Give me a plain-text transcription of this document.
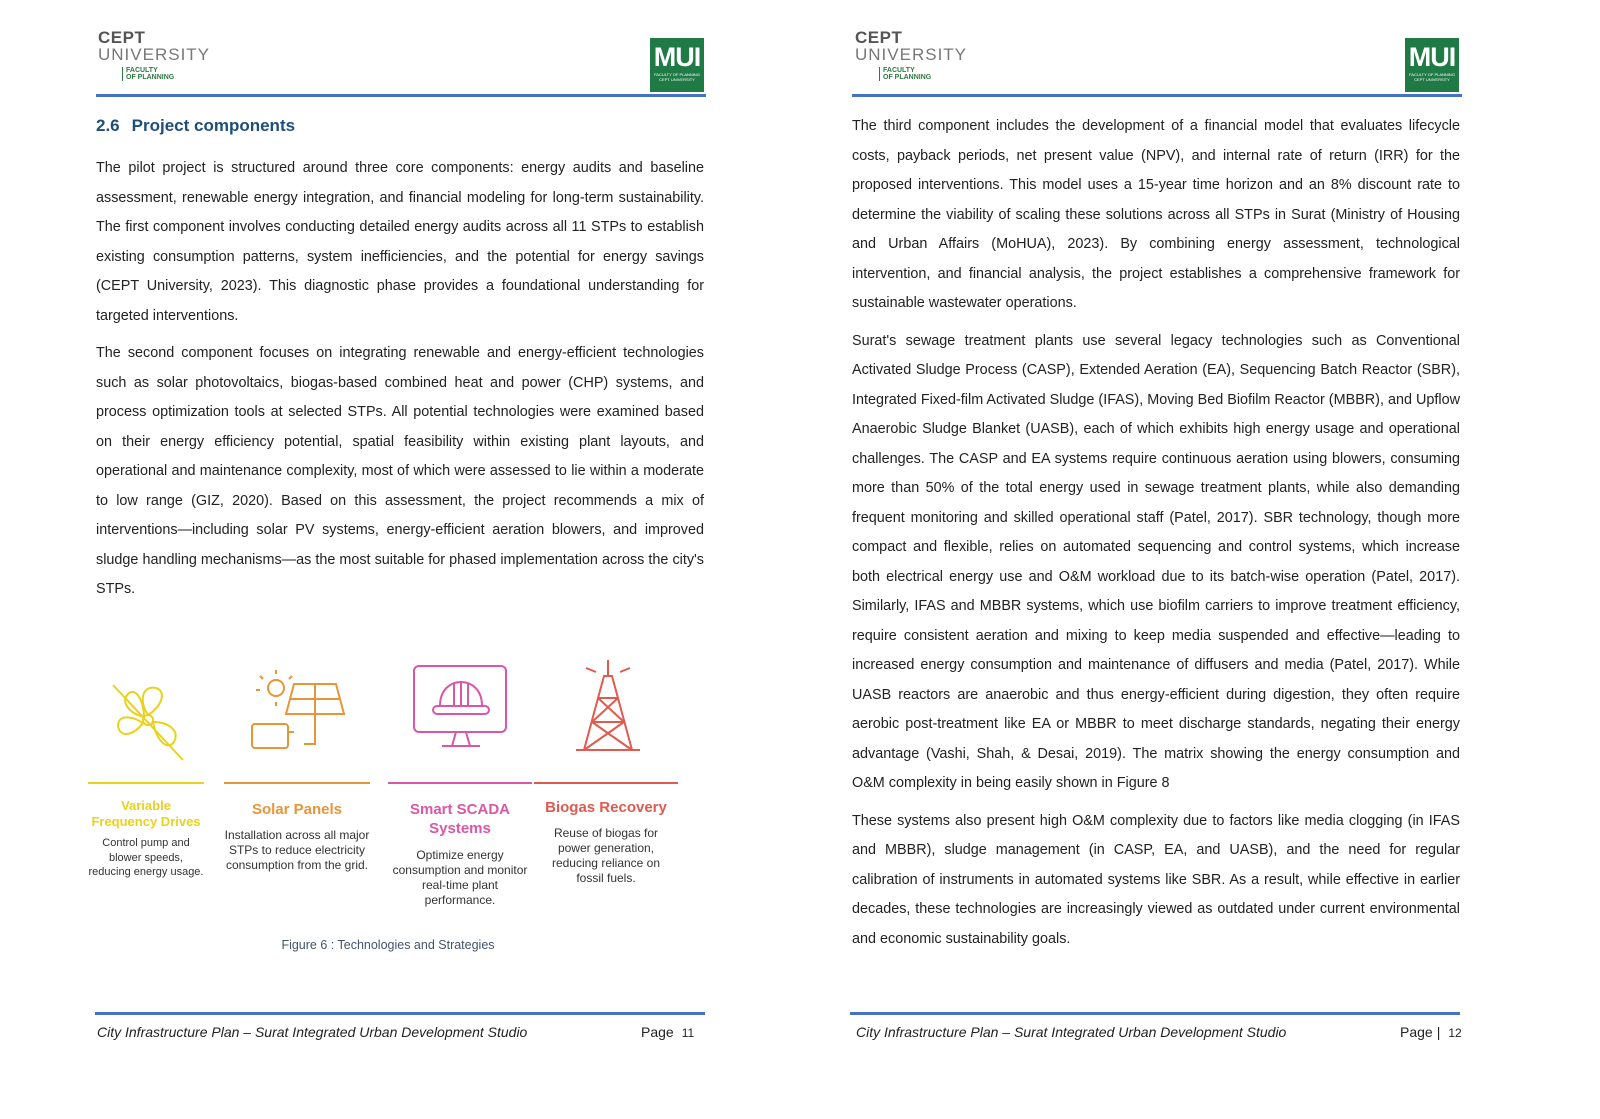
CEPT
UNIVERSITY
FACULTY
OF PLANNING
MUI
FACULTY OF PLANNING
CEPT UNIVERSITY
2.6 Project components

The pilot project is structured around three core components: energy audits and baseline assessment, renewable energy integration, and financial modeling for long-term sustainability. The first component involves conducting detailed energy audits across all 11 STPs to establish existing consumption patterns, system inefficiencies, and the potential for energy savings (CEPT University, 2023). This diagnostic phase provides a foundational understanding for targeted interventions.

The second component focuses on integrating renewable and energy-efficient technologies such as solar photovoltaics, biogas-based combined heat and power (CHP) systems, and process optimization tools at selected STPs. All potential technologies were examined based on their energy efficiency potential, spatial feasibility within existing plant layouts, and operational and maintenance complexity, most of which were assessed to lie within a moderate to low range (GIZ, 2020). Based on this assessment, the project recommends a mix of interventions—including solar PV systems, energy-efficient aeration blowers, and improved sludge handling mechanisms—as the most suitable for phased implementation across the city's STPs.

Variable Frequency Drives
Control pump and blower speeds, reducing energy usage.
Solar Panels
Installation across all major STPs to reduce electricity consumption from the grid.
Smart SCADA Systems
Optimize energy consumption and monitor real-time plant performance.
Biogas Recovery
Reuse of biogas for power generation, reducing reliance on fossil fuels.
Figure 6 : Technologies and Strategies
City Infrastructure Plan – Surat Integrated Urban Development Studio	Page 11
CEPT
UNIVERSITY
FACULTY
OF PLANNING
MUI
FACULTY OF PLANNING
CEPT UNIVERSITY

The third component includes the development of a financial model that evaluates lifecycle costs, payback periods, net present value (NPV), and internal rate of return (IRR) for the proposed interventions. This model uses a 15-year time horizon and an 8% discount rate to determine the viability of scaling these solutions across all STPs in Surat (Ministry of Housing and Urban Affairs (MoHUA), 2023). By combining energy assessment, technological intervention, and financial analysis, the project establishes a comprehensive framework for sustainable wastewater operations.

Surat's sewage treatment plants use several legacy technologies such as Conventional Activated Sludge Process (CASP), Extended Aeration (EA), Sequencing Batch Reactor (SBR), Integrated Fixed-film Activated Sludge (IFAS), Moving Bed Biofilm Reactor (MBBR), and Upflow Anaerobic Sludge Blanket (UASB), each of which exhibits high energy usage and operational challenges. The CASP and EA systems require continuous aeration using blowers, consuming more than 50% of the total energy used in sewage treatment plants, while also demanding frequent monitoring and skilled operational staff (Patel, 2017). SBR technology, though more compact and flexible, relies on automated sequencing and control systems, which increase both electrical energy use and O&M workload due to its batch-wise operation (Patel, 2017). Similarly, IFAS and MBBR systems, which use biofilm carriers to improve treatment efficiency, require consistent aeration and mixing to keep media suspended and effective—leading to increased energy consumption and maintenance of diffusers and media (Patel, 2017). While UASB reactors are anaerobic and thus energy-efficient during digestion, they often require aerobic post-treatment like EA or MBBR to meet discharge standards, negating their energy advantage (Vashi, Shah, & Desai, 2019). The matrix showing the energy consumption and O&M complexity in being easily shown in Figure 8

These systems also present high O&M complexity due to factors like media clogging (in IFAS and MBBR), sludge management (in CASP, EA, and UASB), and the need for regular calibration of instruments in automated systems like SBR. As a result, while effective in earlier decades, these technologies are increasingly viewed as outdated under current environmental and economic sustainability goals.

City Infrastructure Plan – Surat Integrated Urban Development Studio	Page | 12
